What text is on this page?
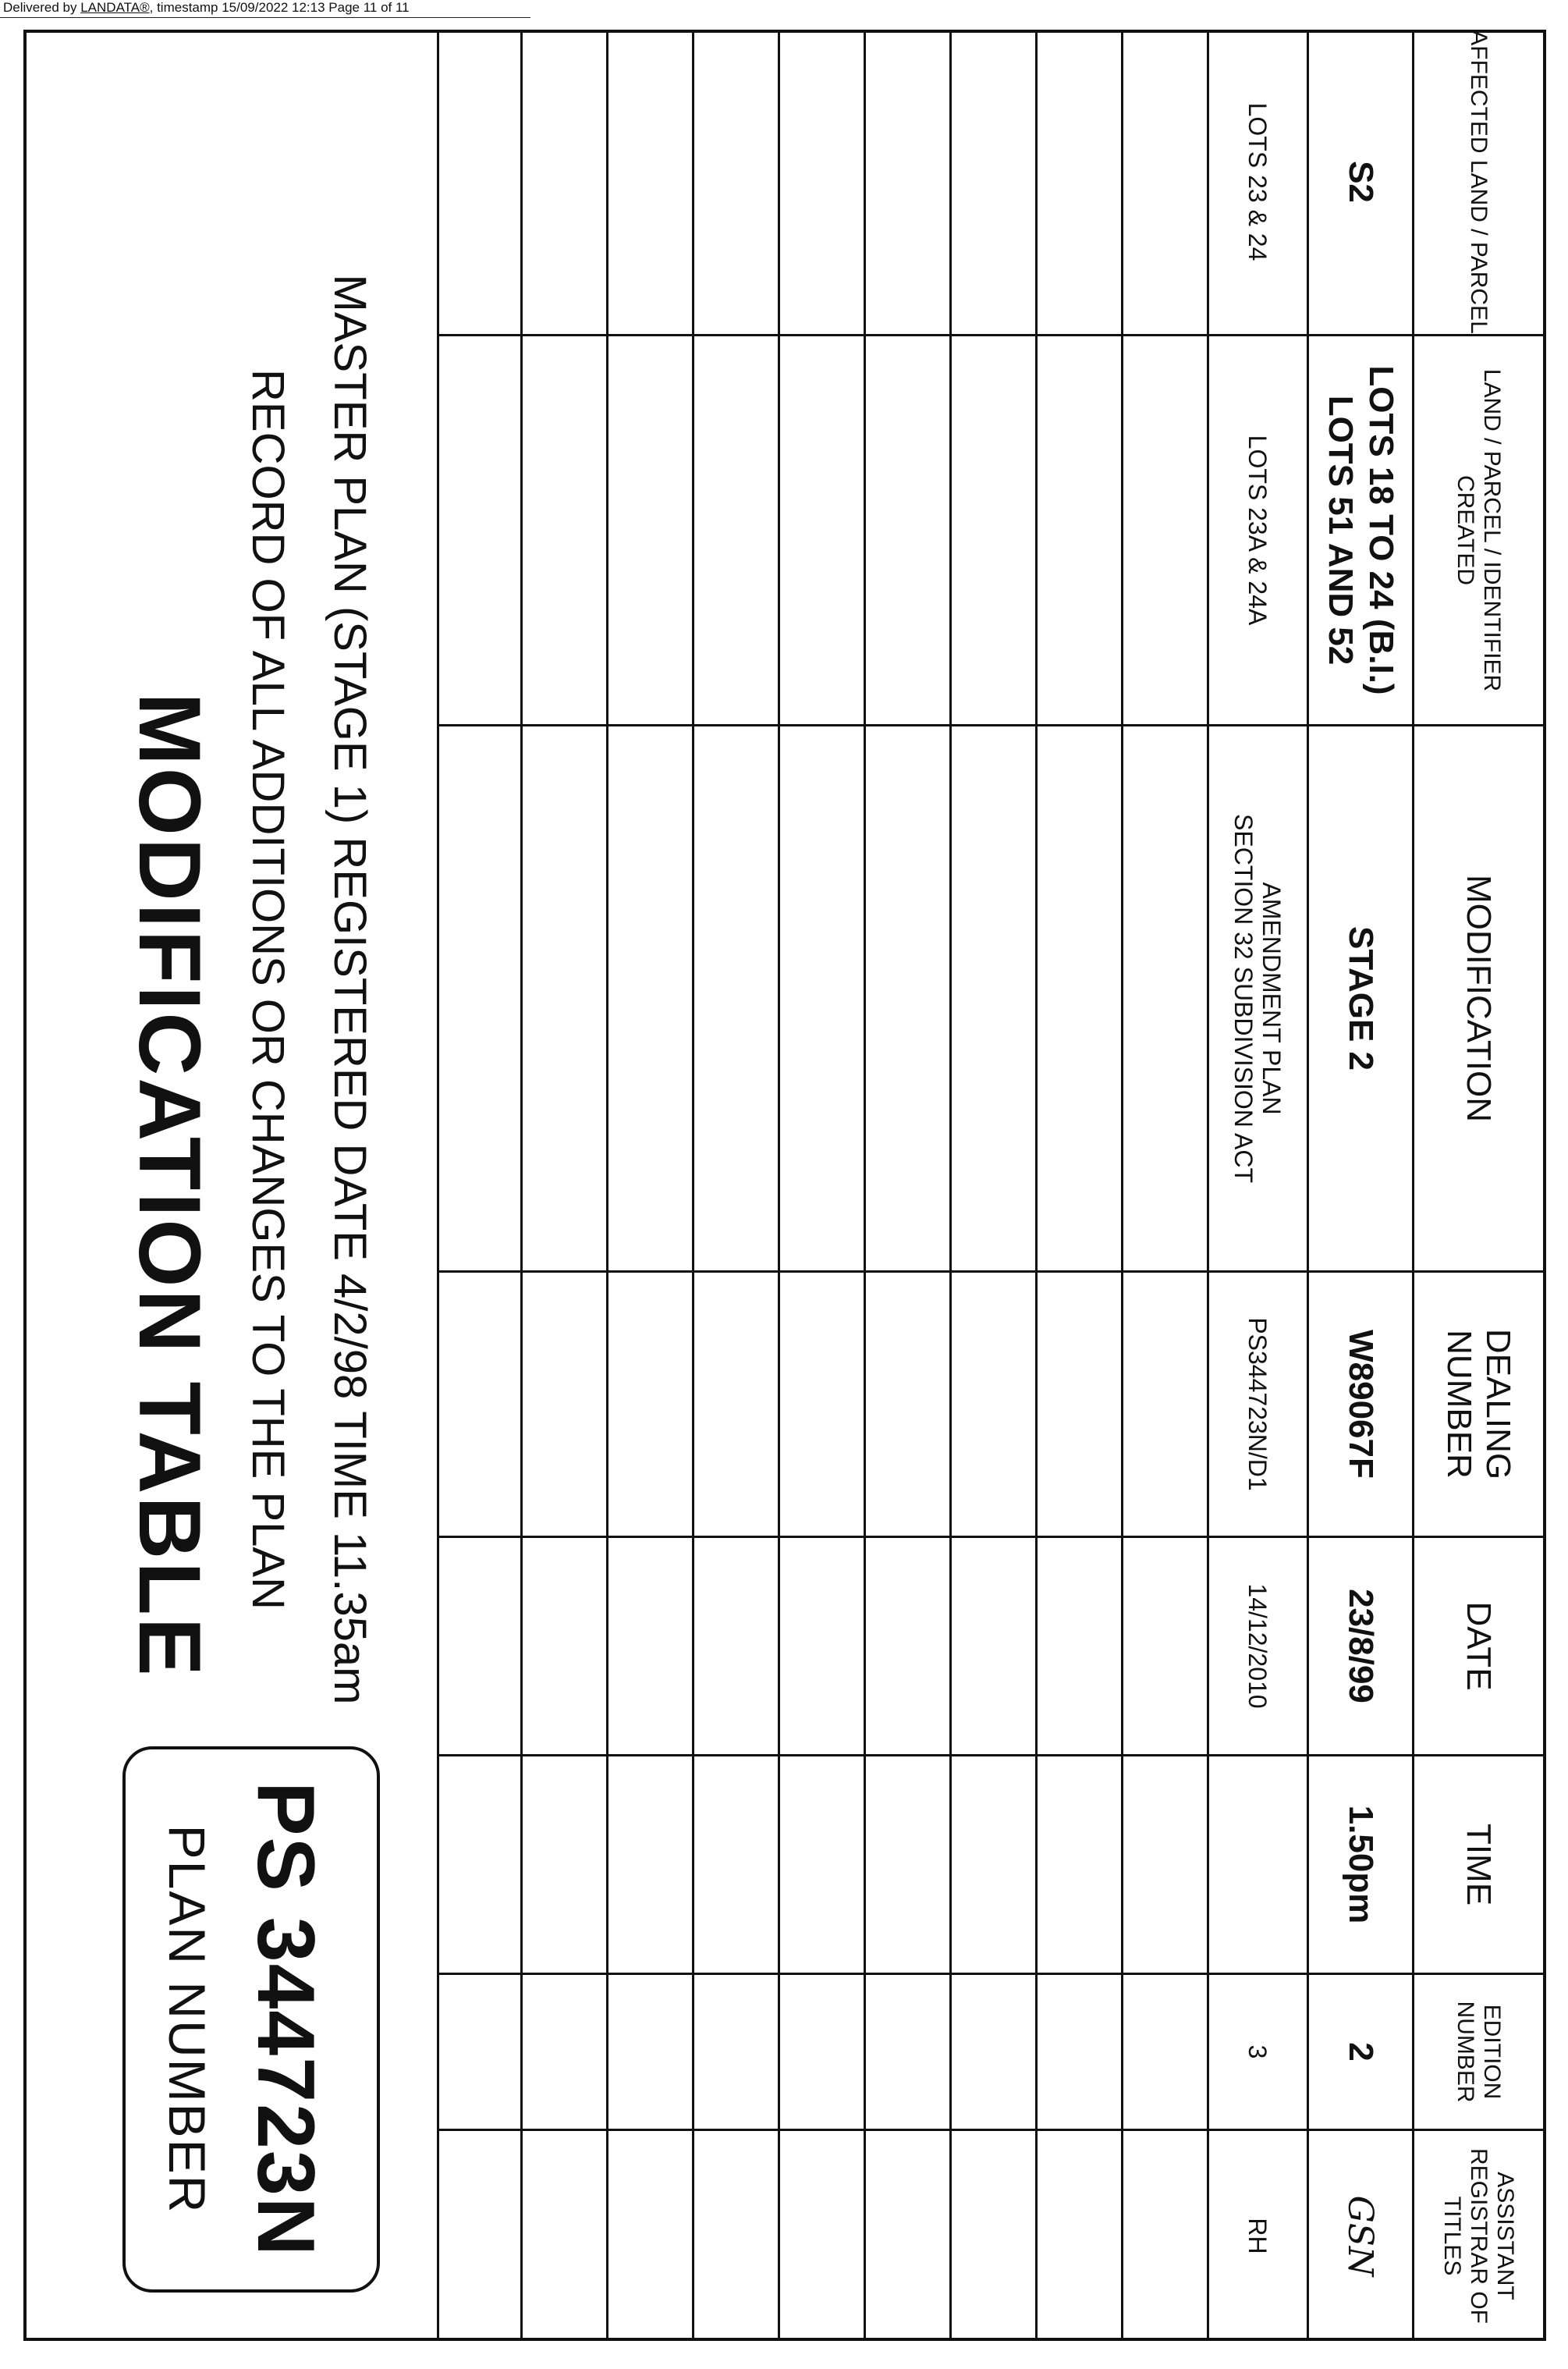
Delivered by LANDATA®, timestamp 15/09/2022 12:13 Page 11 of 11
MODIFICATION TABLE RECORD OF ALL ADDITIONS OR CHANGES TO THE PLAN MASTER PLAN (STAGE 1) REGISTERED DATE 4/2/98 TIME 11.35am
PLAN NUMBER PS 344723N
AFFECTED LAND / PARCEL
LAND / PARCEL / IDENTIFIER CREATED
MODIFICATION
DEALING NUMBER
DATE
TIME
EDITION NUMBER
ASSISTANT REGISTRAR OF TITLES
S2
LOTS 18 TO 24 (B.I.)
LOTS 51 AND 52
STAGE 2
W89067F
23/8/99
1.50pm
2
GSN
LOTS 23 & 24
LOTS 23A & 24A
AMENDMENT PLAN
SECTION 32 SUBDIVISION ACT
PS344723N/D1
14/12/2010
3
RH
